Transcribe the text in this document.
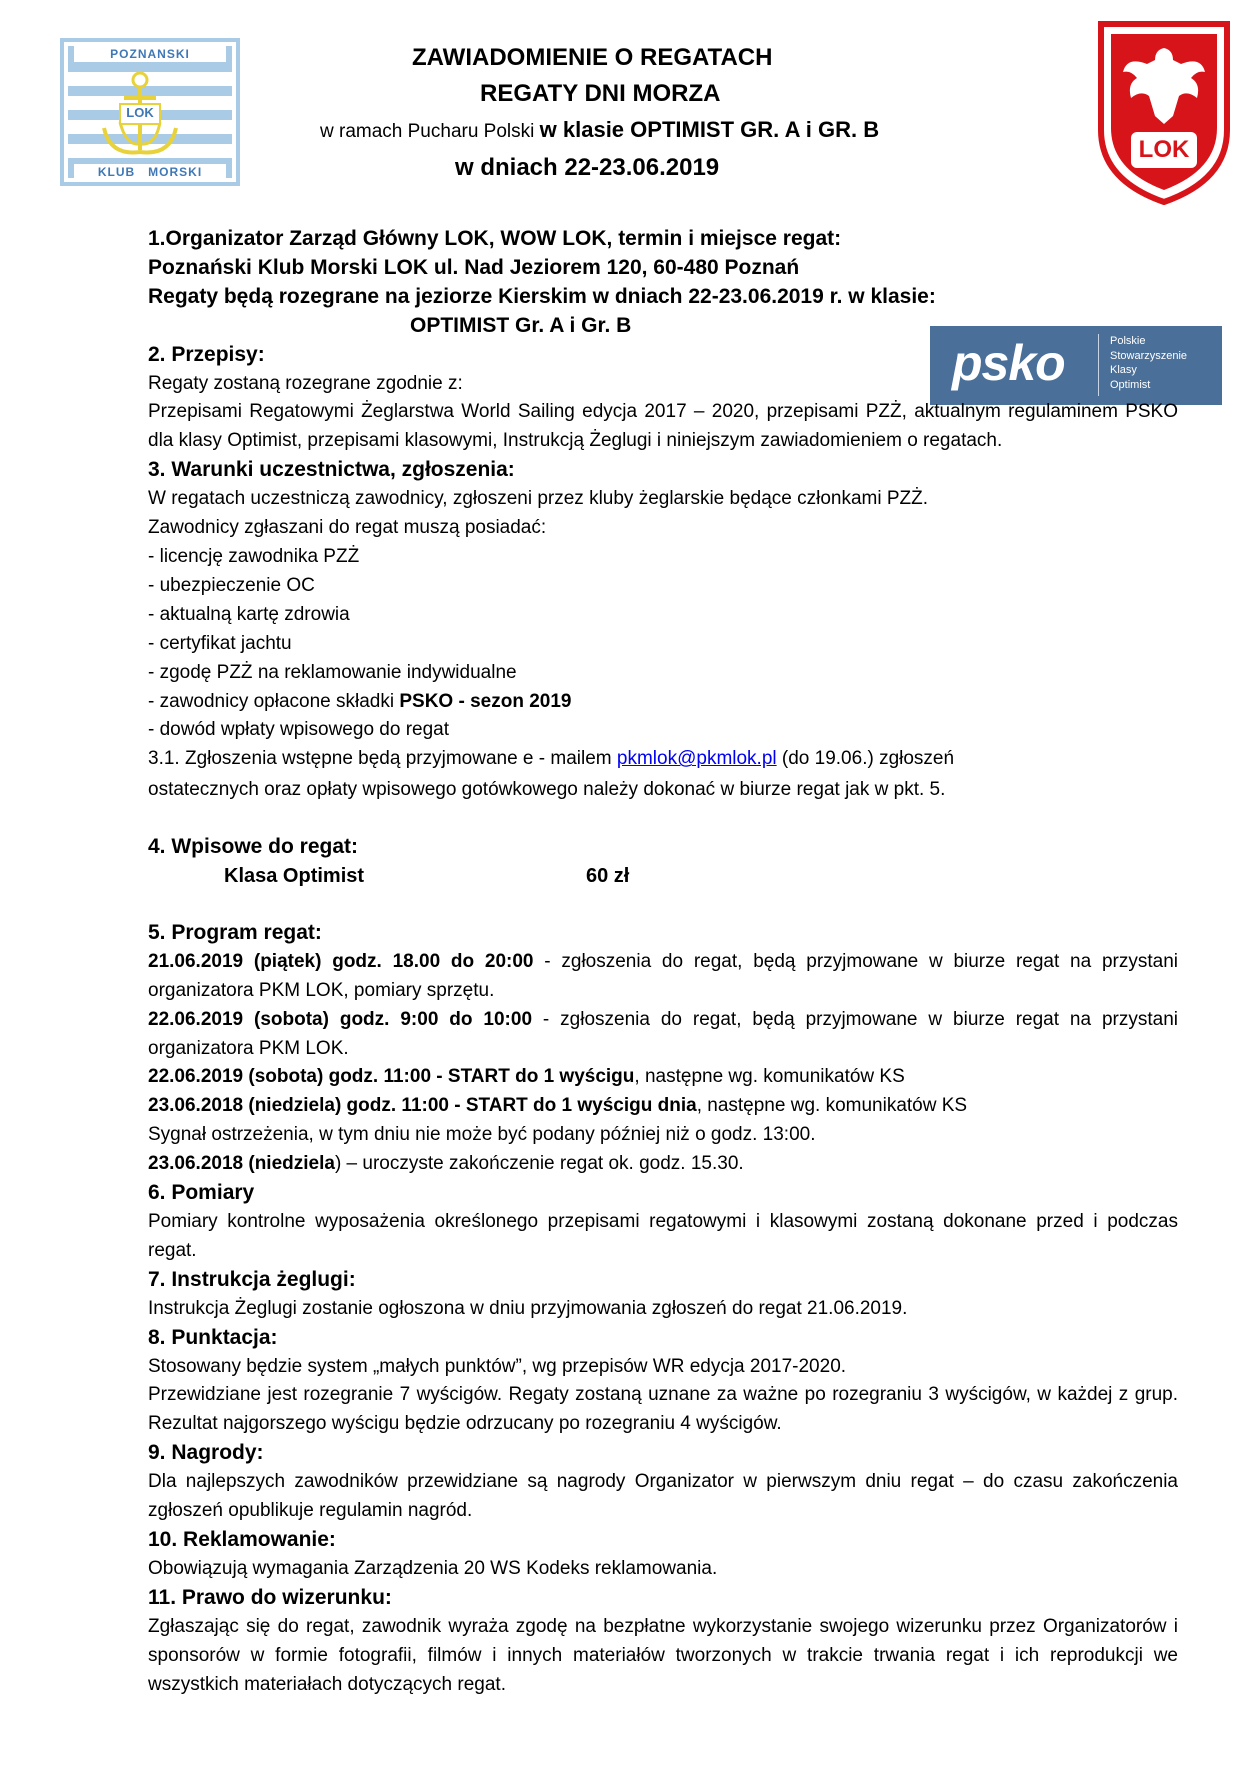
POZNANSKI
LOK
KLUB   MORSKI
ZAWIADOMIENIE O REGATACH
REGATY DNI MORZA
w ramach Pucharu Polski w klasie OPTIMIST GR. A i GR. B
w dniach 22-23.06.2019
LOK
psko	Polskie
Stowarzyszenie
Klasy
Optimist

1.Organizator Zarząd Główny LOK, WOW LOK, termin i miejsce regat:

Poznański Klub Morski LOK ul. Nad Jeziorem 120, 60-480 Poznań

Regaty będą rozegrane na jeziorze Kierskim w dniach 22-23.06.2019 r. w klasie:

OPTIMIST Gr. A i Gr. B

2. Przepisy:

Regaty zostaną rozegrane zgodnie z:

Przepisami Regatowymi Żeglarstwa World Sailing edycja 2017 – 2020, przepisami PZŻ, aktualnym regulaminem PSKO dla klasy Optimist, przepisami klasowymi, Instrukcją Żeglugi i niniejszym zawiadomieniem o regatach.

3. Warunki uczestnictwa, zgłoszenia:

W regatach uczestniczą zawodnicy, zgłoszeni przez kluby żeglarskie będące członkami PZŻ.

Zawodnicy zgłaszani do regat muszą posiadać:

- licencję zawodnika PZŻ

- ubezpieczenie OC

- aktualną kartę zdrowia

- certyfikat jachtu

- zgodę PZŻ na reklamowanie indywidualne

- zawodnicy opłacone składki PSKO - sezon 2019

- dowód wpłaty wpisowego do regat

3.1. Zgłoszenia wstępne będą przyjmowane e - mailem pkmlok@pkmlok.pl (do 19.06.) zgłoszeń

ostatecznych oraz opłaty wpisowego gotówkowego należy dokonać w biurze regat jak w pkt. 5.

4. Wpisowe do regat:

Klasa Optimist	60 zł

5. Program regat:

21.06.2019 (piątek) godz. 18.00 do 20:00 - zgłoszenia do regat, będą przyjmowane w biurze regat na przystani organizatora PKM LOK, pomiary sprzętu.

22.06.2019 (sobota) godz. 9:00 do 10:00 - zgłoszenia do regat, będą przyjmowane w biurze regat na przystani organizatora PKM LOK.

22.06.2019 (sobota) godz. 11:00 - START do 1 wyścigu, następne wg. komunikatów KS

23.06.2018 (niedziela) godz. 11:00 - START do 1 wyścigu dnia, następne wg. komunikatów KS

Sygnał ostrzeżenia, w tym dniu nie może być podany później niż o godz. 13:00.

23.06.2018 (niedziela) – uroczyste zakończenie regat ok. godz. 15.30.

6. Pomiary

Pomiary kontrolne wyposażenia określonego przepisami regatowymi i klasowymi zostaną dokonane przed i podczas regat.

7. Instrukcja żeglugi:

Instrukcja Żeglugi zostanie ogłoszona w dniu przyjmowania zgłoszeń do regat 21.06.2019.

8. Punktacja:

Stosowany będzie system „małych punktów”, wg przepisów WR edycja 2017-2020.

Przewidziane jest rozegranie 7 wyścigów. Regaty zostaną uznane za ważne po rozegraniu 3 wyścigów, w każdej z grup. Rezultat najgorszego wyścigu będzie odrzucany po rozegraniu 4 wyścigów.

9. Nagrody:

Dla najlepszych zawodników przewidziane są nagrody Organizator w pierwszym dniu regat – do czasu zakończenia zgłoszeń opublikuje regulamin nagród.

10. Reklamowanie:

Obowiązują wymagania Zarządzenia 20 WS Kodeks reklamowania.

11. Prawo do wizerunku:

Zgłaszając się do regat, zawodnik wyraża zgodę na bezpłatne wykorzystanie swojego wizerunku przez Organizatorów i sponsorów w formie fotografii, filmów i innych materiałów tworzonych w trakcie trwania regat i ich reprodukcji we wszystkich materiałach dotyczących regat.
